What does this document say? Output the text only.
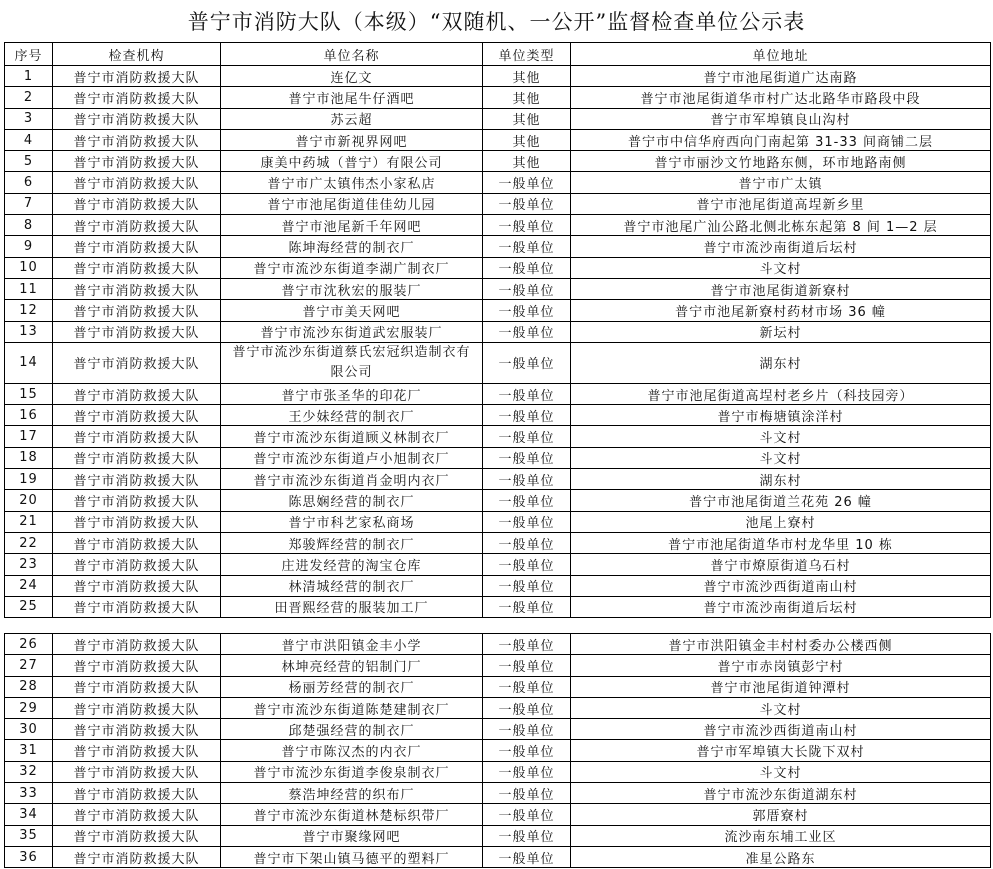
普宁市消防大队（本级）“双随机、一公开”监督检查单位公示表
序号	检查机构	单位名称	单位类型	单位地址
1	普宁市消防救援大队	连亿文	其他	普宁市池尾街道广达南路
2	普宁市消防救援大队	普宁市池尾牛仔酒吧	其他	普宁市池尾街道华市村广达北路华市路段中段
3	普宁市消防救援大队	苏云超	其他	普宁市军埠镇良山沟村
4	普宁市消防救援大队	普宁市新视界网吧	其他	普宁市中信华府西向门南起第 31-33 间商铺二层
5	普宁市消防救援大队	康美中药城（普宁）有限公司	其他	普宁市丽沙文竹地路东侧，环市地路南侧
6	普宁市消防救援大队	普宁市广太镇伟杰小家私店	一般单位	普宁市广太镇
7	普宁市消防救援大队	普宁市池尾街道佳佳幼儿园	一般单位	普宁市池尾街道高埕新乡里
8	普宁市消防救援大队	普宁市池尾新千年网吧	一般单位	普宁市池尾广汕公路北侧北栋东起第 8 间 1—2 层
9	普宁市消防救援大队	陈坤海经营的制衣厂	一般单位	普宁市流沙南街道后坛村
10	普宁市消防救援大队	普宁市流沙东街道李湖广制衣厂	一般单位	斗文村
11	普宁市消防救援大队	普宁市沈秋宏的服装厂	一般单位	普宁市池尾街道新寮村
12	普宁市消防救援大队	普宁市美天网吧	一般单位	普宁市池尾新寮村药材市场 36 幢
13	普宁市消防救援大队	普宁市流沙东街道武宏服装厂	一般单位	新坛村
14	普宁市消防救援大队	普宁市流沙东街道蔡氏宏冠织造制衣有限公司	一般单位	湖东村
15	普宁市消防救援大队	普宁市张圣华的印花厂	一般单位	普宁市池尾街道高埕村老乡片（科技园旁）
16	普宁市消防救援大队	王少妹经营的制衣厂	一般单位	普宁市梅塘镇涂洋村
17	普宁市消防救援大队	普宁市流沙东街道顾义林制衣厂	一般单位	斗文村
18	普宁市消防救援大队	普宁市流沙东街道卢小旭制衣厂	一般单位	斗文村
19	普宁市消防救援大队	普宁市流沙东街道肖金明内衣厂	一般单位	湖东村
20	普宁市消防救援大队	陈思娴经营的制衣厂	一般单位	普宁市池尾街道兰花苑 26 幢
21	普宁市消防救援大队	普宁市科艺家私商场	一般单位	池尾上寮村
22	普宁市消防救援大队	郑骏辉经营的制衣厂	一般单位	普宁市池尾街道华市村龙华里 10 栋
23	普宁市消防救援大队	庄进发经营的淘宝仓库	一般单位	普宁市燎原街道乌石村
24	普宁市消防救援大队	林清城经营的制衣厂	一般单位	普宁市流沙西街道南山村
25	普宁市消防救援大队	田晋熙经营的服装加工厂	一般单位	普宁市流沙南街道后坛村
26	普宁市消防救援大队	普宁市洪阳镇金丰小学	一般单位	普宁市洪阳镇金丰村村委办公楼西侧
27	普宁市消防救援大队	林坤亮经营的铝制门厂	一般单位	普宁市赤岗镇彭宁村
28	普宁市消防救援大队	杨丽芳经营的制衣厂	一般单位	普宁市池尾街道钟潭村
29	普宁市消防救援大队	普宁市流沙东街道陈楚建制衣厂	一般单位	斗文村
30	普宁市消防救援大队	邱楚强经营的制衣厂	一般单位	普宁市流沙西街道南山村
31	普宁市消防救援大队	普宁市陈汉杰的内衣厂	一般单位	普宁市军埠镇大长陇下双村
32	普宁市消防救援大队	普宁市流沙东街道李俊泉制衣厂	一般单位	斗文村
33	普宁市消防救援大队	蔡浩坤经营的织布厂	一般单位	普宁市流沙东街道湖东村
34	普宁市消防救援大队	普宁市流沙东街道林楚标织带厂	一般单位	郭厝寮村
35	普宁市消防救援大队	普宁市聚缘网吧	一般单位	流沙南东埔工业区
36	普宁市消防救援大队	普宁市下架山镇马德平的塑料厂	一般单位	准星公路东
